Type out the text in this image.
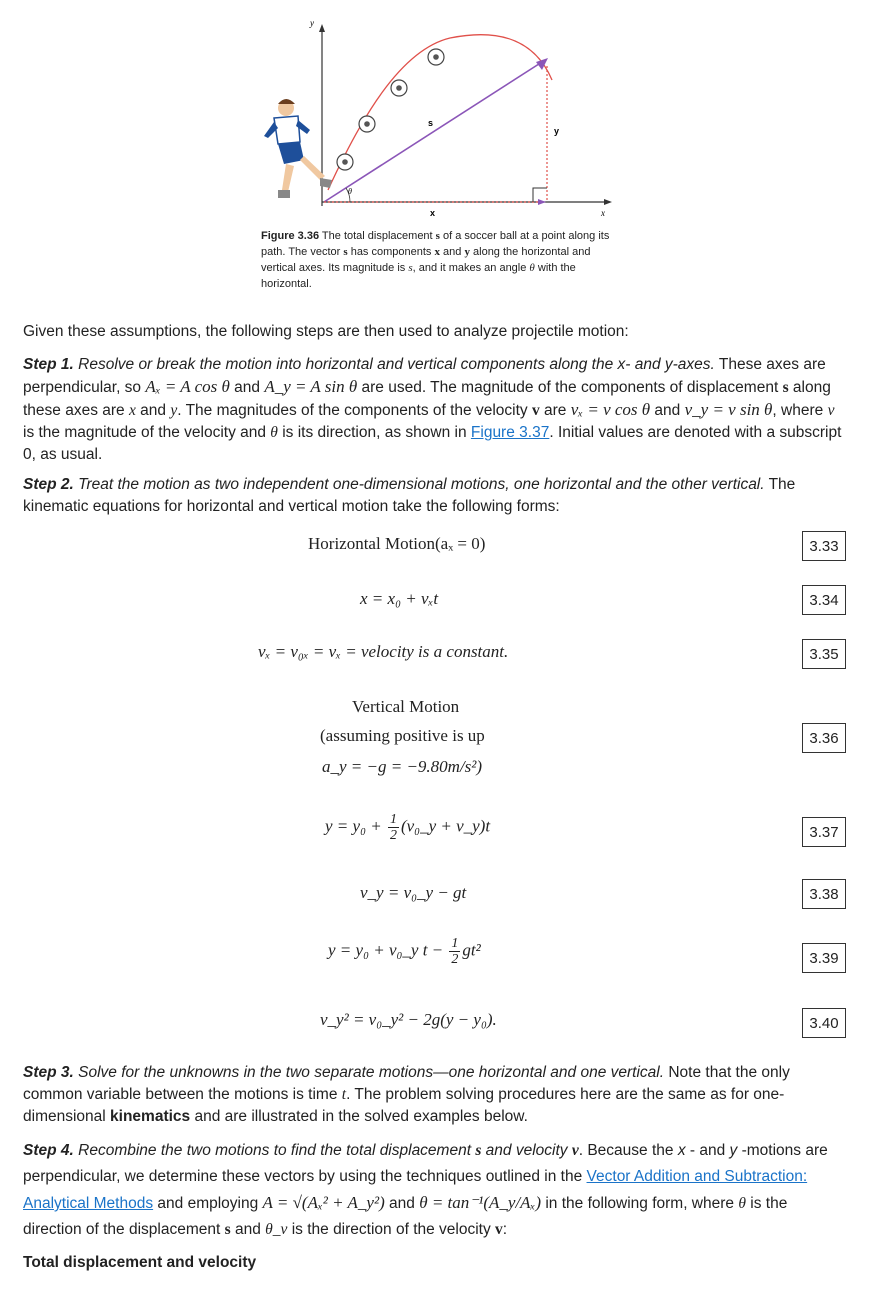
y
x
s
x
y
θ
Figure 3.36 The total displacement s of a soccer ball at a point along its path. The vector s has components x and y along the horizontal and vertical axes. Its magnitude is s, and it makes an angle θ with the horizontal.
Given these assumptions, the following steps are then used to analyze projectile motion:
Step 1. Resolve or break the motion into horizontal and vertical components along the x- and y-axes. These axes are perpendicular, so Aₓ = A cos θ and A_y = A sin θ are used. The magnitude of the components of displacement s along these axes are x and y. The magnitudes of the components of the velocity v are vₓ = v cos θ and v_y = v sin θ, where v is the magnitude of the velocity and θ is its direction, as shown in Figure 3.37. Initial values are denoted with a subscript 0, as usual.
Step 2. Treat the motion as two independent one-dimensional motions, one horizontal and the other vertical. The kinematic equations for horizontal and vertical motion take the following forms:
Horizontal Motion(aₓ = 0)	3.33
x = x₀ + vₓt	3.34
vₓ = v₀ₓ = vₓ = velocity is a constant.	3.35
Vertical Motion
(assuming positive is up
a_y = −g = −9.80m/s²)
3.36
$y = y_0 + \frac{1}{2}$ (v₀_y + v_y)t	3.37
v_y = v₀_y − gt	3.38
y = y₀ + v₀_y $t - \frac{1}{2} gt^2$	3.39
v_y² = v₀_y² − 2g(y − y₀).	3.40
Step 3. Solve for the unknowns in the two separate motions—one horizontal and one vertical. Note that the only common variable between the motions is time t. The problem solving procedures here are the same as for one-dimensional kinematics and are illustrated in the solved examples below.
Step 4. Recombine the two motions to find the total displacement s and velocity v. Because the x - and y -motions are perpendicular, we determine these vectors by using the techniques outlined in the Vector Addition and Subtraction: Analytical Methods and employing A = √(Aₓ² + A_y²) and θ = tan⁻¹(A_y/Aₓ) in the following form, where θ is the direction of the displacement s and θ_v is the direction of the velocity v:
Total displacement and velocity
